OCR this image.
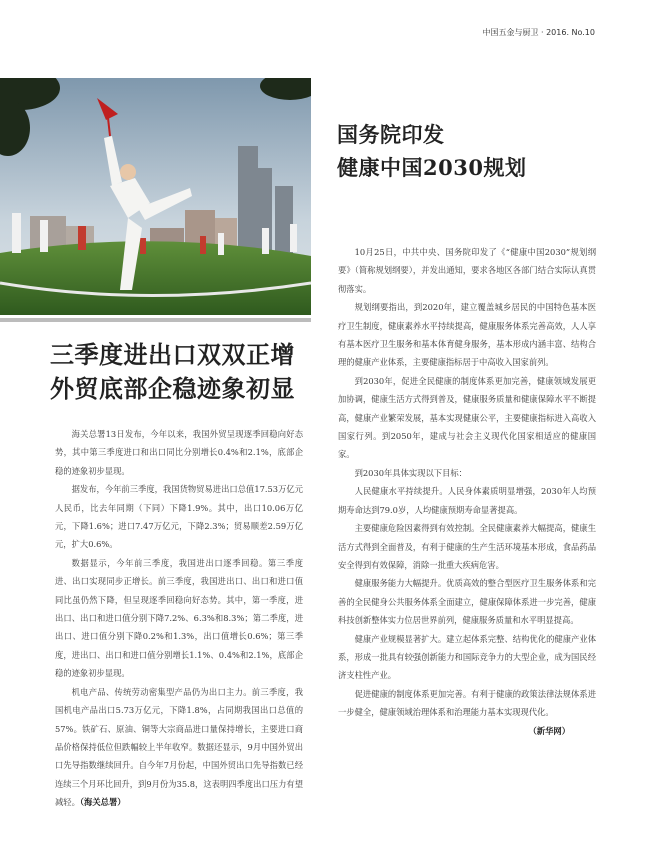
中国五金与厨卫 · 2016. No.10
三季度进出口双双正增
外贸底部企稳迹象初显

海关总署13日发布，今年以来，我国外贸呈现逐季回稳向好态势，其中第三季度进口和出口同比分别增长0.4%和2.1%，底部企稳的迹象初步显现。

据发布，今年前三季度，我国货物贸易进出口总值17.53万亿元人民币，比去年同期（下同）下降1.9%。其中，出口10.06万亿元，下降1.6%；进口7.47万亿元，下降2.3%；贸易顺差2.59万亿元，扩大0.6%。

数据显示，今年前三季度，我国进出口逐季回稳。第三季度进、出口实现同步正增长。前三季度，我国进出口、出口和进口值同比虽仍然下降，但呈现逐季回稳向好态势。其中，第一季度，进出口、出口和进口值分别下降7.2%、6.3%和8.3%；第二季度，进出口、进口值分别下降0.2%和1.3%，出口值增长0.6%；第三季度，进出口、出口和进口值分别增长1.1%、0.4%和2.1%，底部企稳的迹象初步显现。

机电产品、传统劳动密集型产品仍为出口主力。前三季度，我国机电产品出口5.73万亿元，下降1.8%，占同期我国出口总值的57%。铁矿石、原油、铜等大宗商品进口量保持增长，主要进口商品价格保持低位但跌幅较上半年收窄。数据还显示，9月中国外贸出口先导指数继续回升。自今年7月份起，中国外贸出口先导指数已经连续三个月环比回升，到9月份为35.8，这表明四季度出口压力有望减轻。（海关总署）

国务院印发
健康中国2030规划

10月25日，中共中央、国务院印发了《“健康中国2030”规划纲要》（简称规划纲要），并发出通知，要求各地区各部门结合实际认真贯彻落实。

规划纲要指出，到2020年，建立覆盖城乡居民的中国特色基本医疗卫生制度，健康素养水平持续提高，健康服务体系完善高效，人人享有基本医疗卫生服务和基本体育健身服务，基本形成内涵丰富、结构合理的健康产业体系，主要健康指标居于中高收入国家前列。

到2030年，促进全民健康的制度体系更加完善，健康领域发展更加协调，健康生活方式得到普及，健康服务质量和健康保障水平不断提高，健康产业繁荣发展，基本实现健康公平，主要健康指标进入高收入国家行列。到2050年，建成与社会主义现代化国家相适应的健康国家。

到2030年具体实现以下目标：

人民健康水平持续提升。人民身体素质明显增强，2030年人均预期寿命达到79.0岁，人均健康预期寿命显著提高。

主要健康危险因素得到有效控制。全民健康素养大幅提高，健康生活方式得到全面普及，有利于健康的生产生活环境基本形成，食品药品安全得到有效保障，消除一批重大疾病危害。

健康服务能力大幅提升。优质高效的整合型医疗卫生服务体系和完善的全民健身公共服务体系全面建立，健康保障体系进一步完善，健康科技创新整体实力位居世界前列，健康服务质量和水平明显提高。

健康产业规模显著扩大。建立起体系完整、结构优化的健康产业体系，形成一批具有较强创新能力和国际竞争力的大型企业，成为国民经济支柱性产业。

促进健康的制度体系更加完善。有利于健康的政策法律法规体系进一步健全，健康领域治理体系和治理能力基本实现现代化。

（新华网）
